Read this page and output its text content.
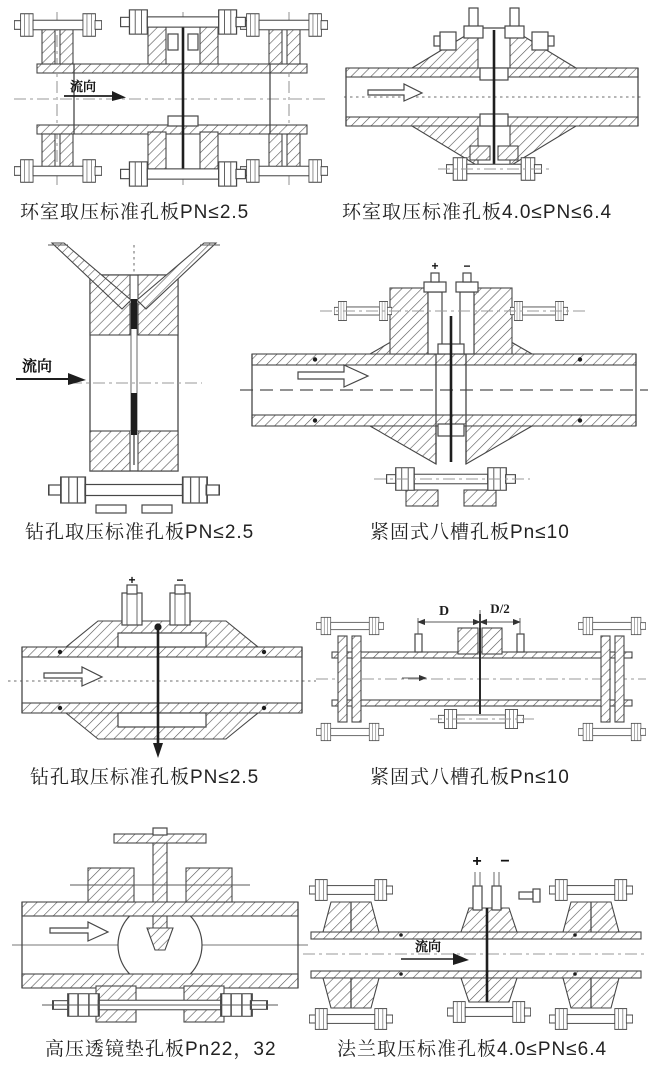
流向
流向
+ −
+	−
D	D/2
+ −
流向
环室取压标准孔板PN≤2.5	环室取压标准孔板4.0≤PN≤6.4
钻孔取压标准孔板PN≤2.5	紧固式八槽孔板Pn≤10
钻孔取压标准孔板PN≤2.5	紧固式八槽孔板Pn≤10
高压透镜垫孔板Pn22，32	法兰取压标准孔板4.0≤PN≤6.4
